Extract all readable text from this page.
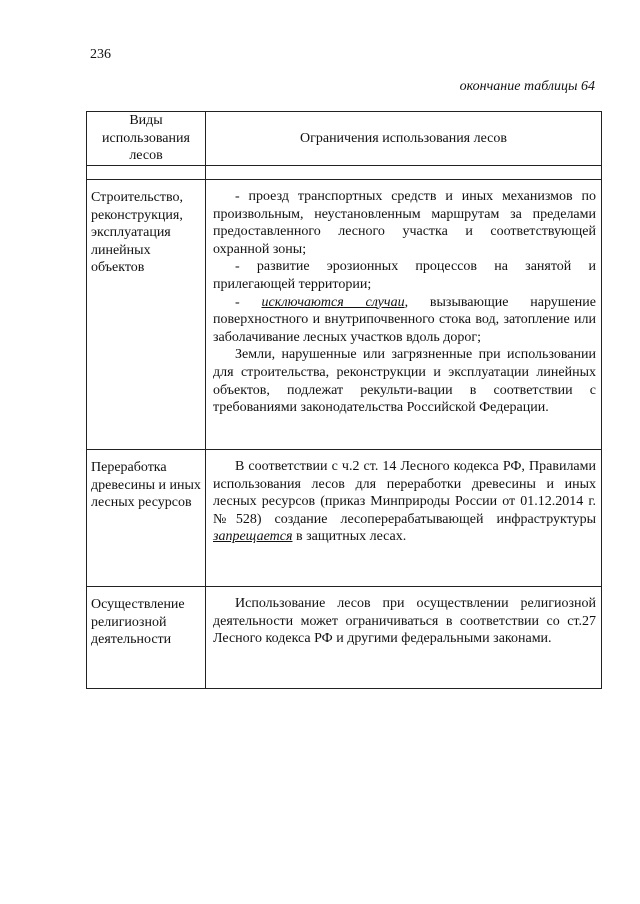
236
окончание таблицы 64
Виды использования лесов	Ограничения использования лесов

Строительство, реконструкция, эксплуатация линейных объектов	- проезд транспортных средств и иных механизмов по произвольным, неустановленным маршрутам за пределами предоставленного лесного участка и соответствующей охранной зоны;

- развитие эрозионных процессов на занятой и прилегающей территории;

- исключаются случаи, вызывающие нарушение поверхностного и внутрипочвенного стока вод, затопление или заболачивание лесных участков вдоль дорог;

Земли, нарушенные или загрязненные при использовании для строительства, реконструкции и эксплуатации линейных объектов, подлежат рекульти-вации в соответствии с требованиями законодательства Российской Федерации.

Переработка древесины и иных лесных ресурсов	В соответствии с ч.2 ст. 14 Лесного кодекса РФ, Правилами использования лесов для переработки древесины и иных лесных ресурсов (приказ Минприроды России от 01.12.2014 г. №528) создание лесоперерабатывающей инфраструктуры запрещается в защитных лесах.

Осуществление религиозной деятельности	Использование лесов при осуществлении религиозной деятельности может ограничиваться в соответствии со ст.27 Лесного кодекса РФ и другими федеральными законами.
